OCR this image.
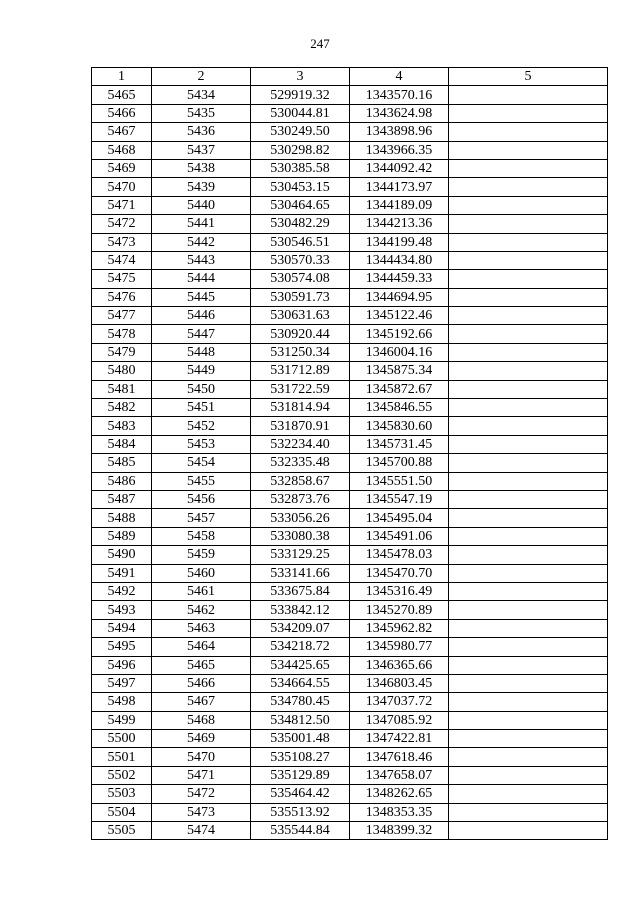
247
1	2	3	4	5
5465	5434	529919.32	1343570.16	
5466	5435	530044.81	1343624.98	
5467	5436	530249.50	1343898.96	
5468	5437	530298.82	1343966.35	
5469	5438	530385.58	1344092.42	
5470	5439	530453.15	1344173.97	
5471	5440	530464.65	1344189.09	
5472	5441	530482.29	1344213.36	
5473	5442	530546.51	1344199.48	
5474	5443	530570.33	1344434.80	
5475	5444	530574.08	1344459.33	
5476	5445	530591.73	1344694.95	
5477	5446	530631.63	1345122.46	
5478	5447	530920.44	1345192.66	
5479	5448	531250.34	1346004.16	
5480	5449	531712.89	1345875.34	
5481	5450	531722.59	1345872.67	
5482	5451	531814.94	1345846.55	
5483	5452	531870.91	1345830.60	
5484	5453	532234.40	1345731.45	
5485	5454	532335.48	1345700.88	
5486	5455	532858.67	1345551.50	
5487	5456	532873.76	1345547.19	
5488	5457	533056.26	1345495.04	
5489	5458	533080.38	1345491.06	
5490	5459	533129.25	1345478.03	
5491	5460	533141.66	1345470.70	
5492	5461	533675.84	1345316.49	
5493	5462	533842.12	1345270.89	
5494	5463	534209.07	1345962.82	
5495	5464	534218.72	1345980.77	
5496	5465	534425.65	1346365.66	
5497	5466	534664.55	1346803.45	
5498	5467	534780.45	1347037.72	
5499	5468	534812.50	1347085.92	
5500	5469	535001.48	1347422.81	
5501	5470	535108.27	1347618.46	
5502	5471	535129.89	1347658.07	
5503	5472	535464.42	1348262.65	
5504	5473	535513.92	1348353.35	
5505	5474	535544.84	1348399.32	
